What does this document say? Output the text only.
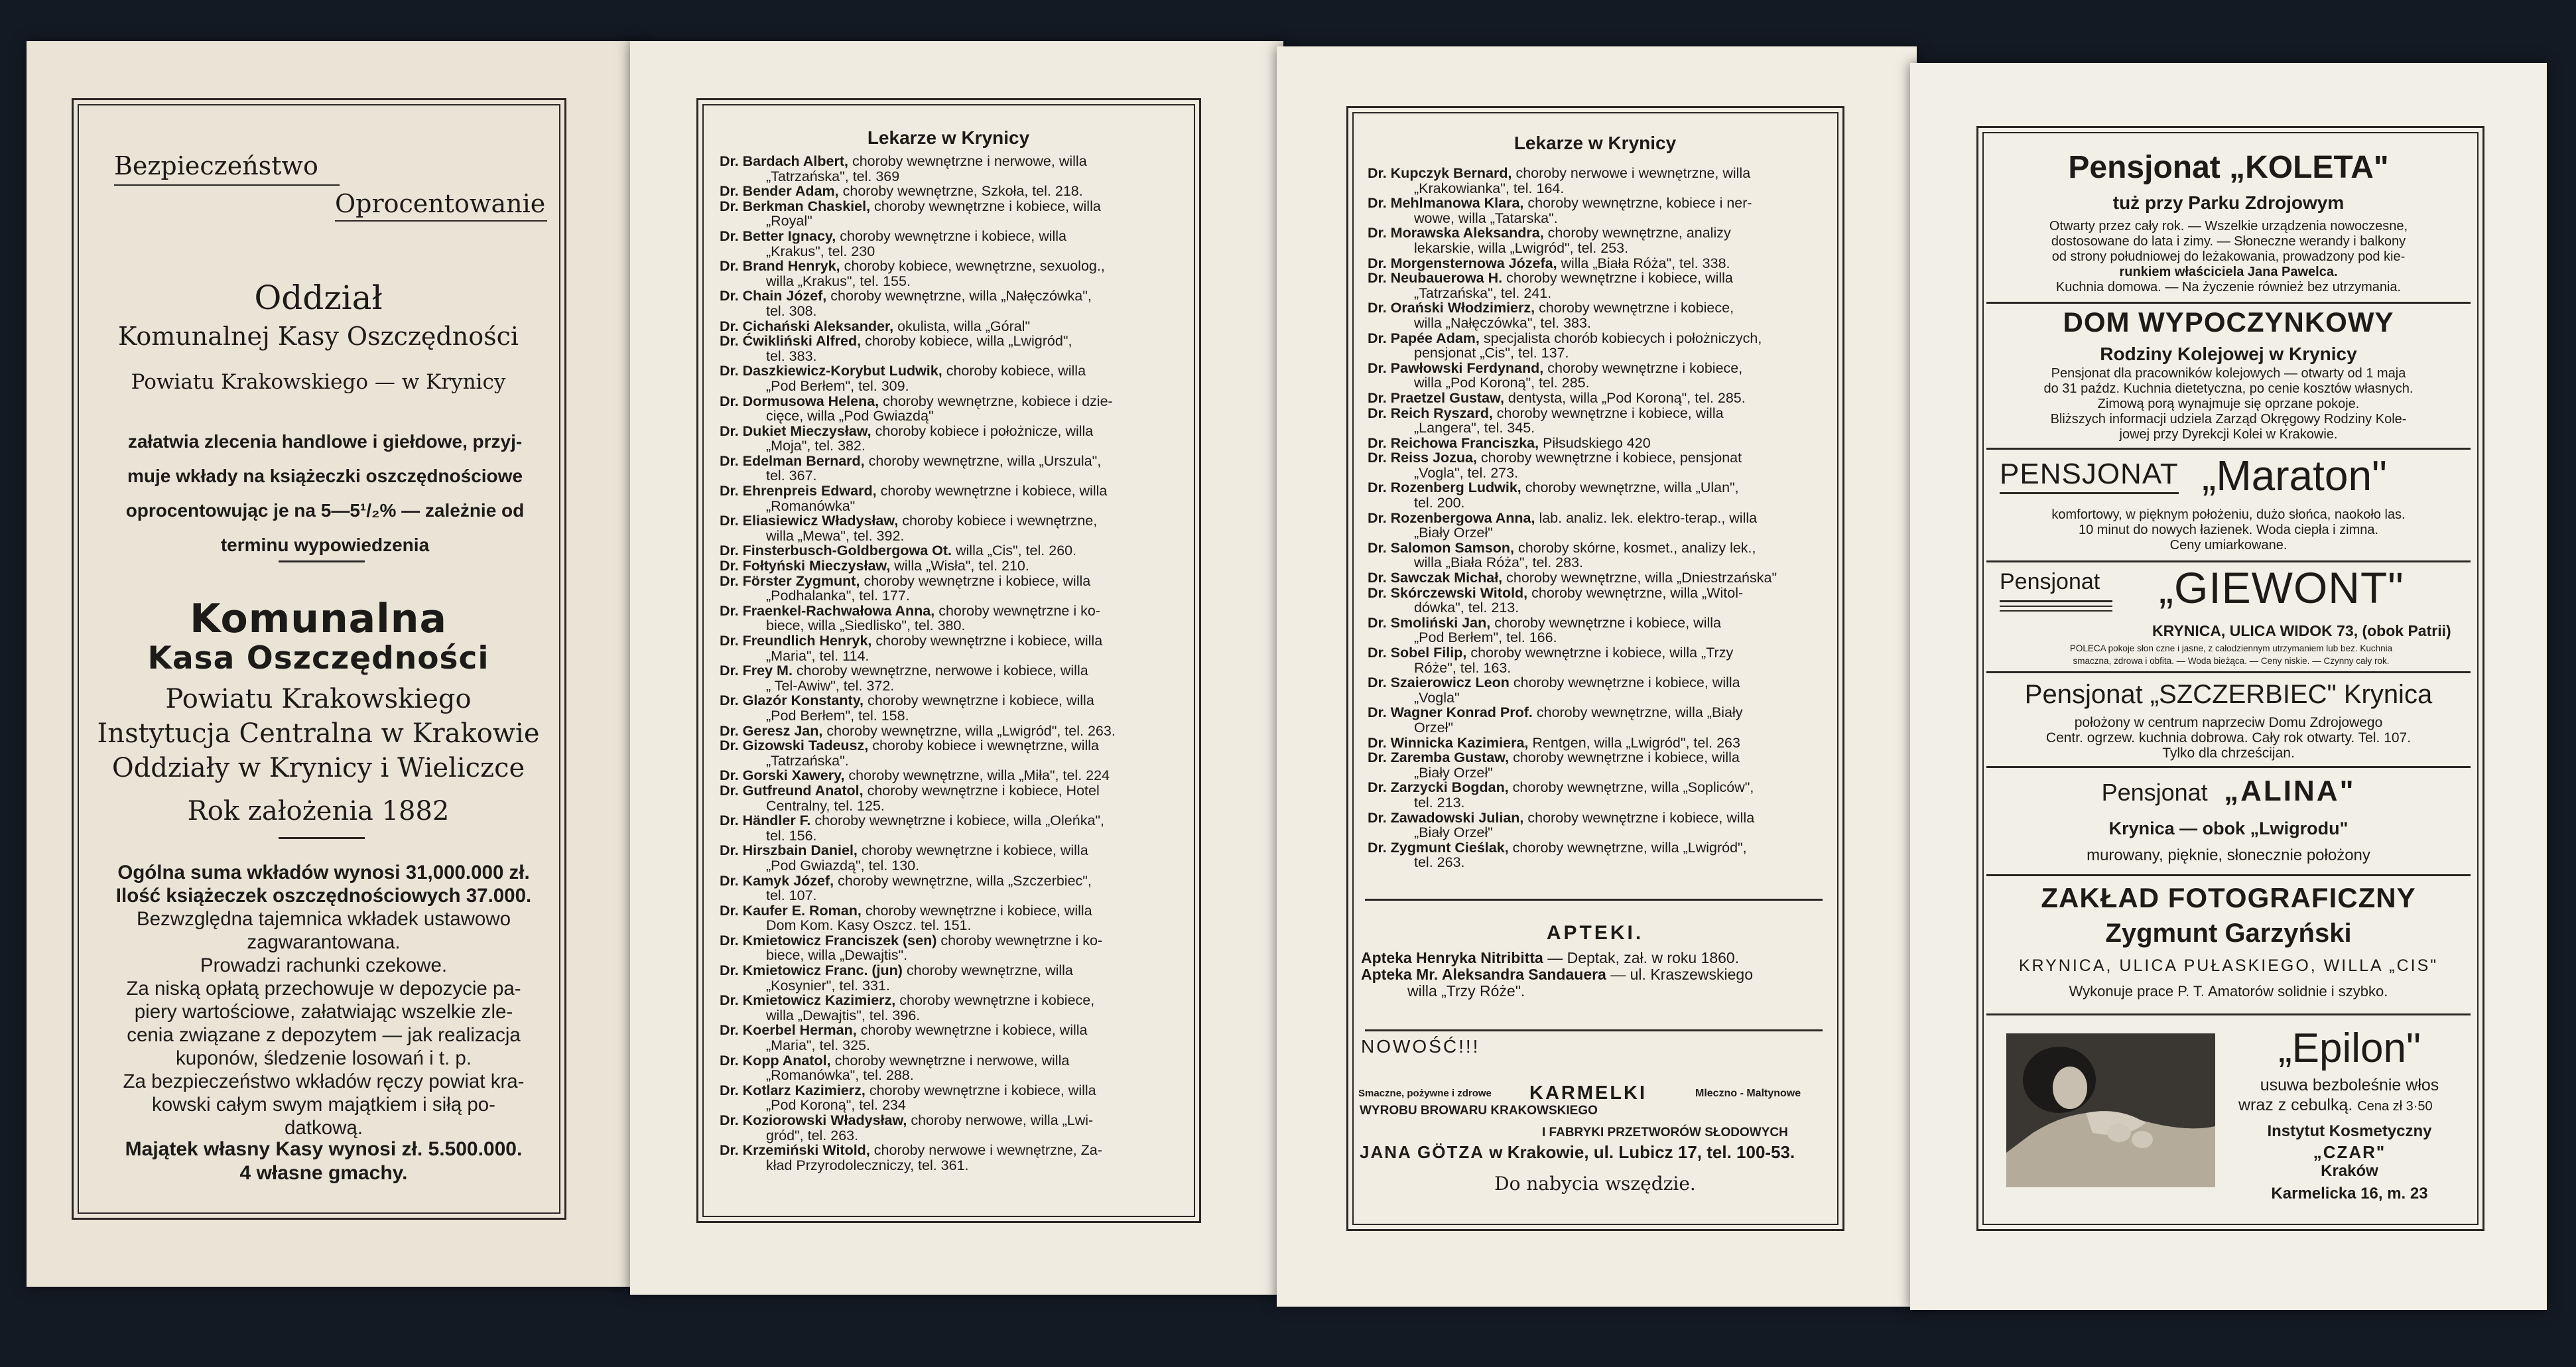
Bezpieczeństwo
Oprocentowanie
Oddział
Komunalnej Kasy Oszczędności
Powiatu Krakowskiego — w Krynicy
załatwia zlecenia handlowe i giełdowe, przyj-
muje wkłady na książeczki oszczędnościowe
oprocentowując je na 5—5¹/₂% — zależnie od
terminu wypowiedzenia
Komunalna
Kasa Oszczędności
Powiatu Krakowskiego
Instytucja Centralna w Krakowie
Oddziały w Krynicy i Wieliczce
Rok założenia 1882
Ogólna suma wkładów wynosi 31,000.000 zł.
Ilość książeczek oszczędnościowych 37.000.
Bezwzględna tajemnica wkładek ustawowo
zagwarantowana.
Prowadzi rachunki czekowe.
Za niską opłatą przechowuje w depozycie pa-
piery wartościowe, załatwiając wszelkie zle-
cenia związane z depozytem — jak realizacja
kuponów, śledzenie losowań i t. p.
Za bezpieczeństwo wkładów ręczy powiat kra-
kowski całym swym majątkiem i siłą po-
datkową.
Majątek własny Kasy wynosi zł. 5.500.000.
4 własne gmachy.
Lekarze w Krynicy
Dr. Bardach Albert, choroby wewnętrzne i nerwowe, willa
„Tatrzańska", tel. 369
Dr. Bender Adam, choroby wewnętrzne, Szkoła, tel. 218.
Dr. Berkman Chaskiel, choroby wewnętrzne i kobiece, willa
„Royal"
Dr. Better Ignacy, choroby wewnętrzne i kobiece, willa
„Krakus", tel. 230
Dr. Brand Henryk, choroby kobiece, wewnętrzne, sexuolog.,
willa „Krakus", tel. 155.
Dr. Chain Józef, choroby wewnętrzne, willa „Nałęczówka",
tel. 308.
Dr. Cichański Aleksander, okulista, willa „Góral"
Dr. Ćwikliński Alfred, choroby kobiece, willa „Lwigród",
tel. 383.
Dr. Daszkiewicz-Korybut Ludwik, choroby kobiece, willa
„Pod Berłem", tel. 309.
Dr. Dormusowa Helena, choroby wewnętrzne, kobiece i dzie-
cięce, willa „Pod Gwiazdą"
Dr. Dukiet Mieczysław, choroby kobiece i położnicze, willa
„Moja", tel. 382.
Dr. Edelman Bernard, choroby wewnętrzne, willa „Urszula",
tel. 367.
Dr. Ehrenpreis Edward, choroby wewnętrzne i kobiece, willa
„Romanówka"
Dr. Eliasiewicz Władysław, choroby kobiece i wewnętrzne,
willa „Mewa", tel. 392.
Dr. Finsterbusch-Goldbergowa Ot. willa „Cis", tel. 260.
Dr. Fołtyński Mieczysław, willa „Wisła", tel. 210.
Dr. Förster Zygmunt, choroby wewnętrzne i kobiece, willa
„Podhalanka", tel. 177.
Dr. Fraenkel-Rachwałowa Anna, choroby wewnętrzne i ko-
biece, willa „Siedlisko", tel. 380.
Dr. Freundlich Henryk, choroby wewnętrzne i kobiece, willa
„Maria", tel. 114.
Dr. Frey M. choroby wewnętrzne, nerwowe i kobiece, willa
„ Tel-Awiw", tel. 372.
Dr. Glazór Konstanty, choroby wewnętrzne i kobiece, willa
„Pod Berłem", tel. 158.
Dr. Geresz Jan, choroby wewnętrzne, willa „Lwigród", tel. 263.
Dr. Gizowski Tadeusz, choroby kobiece i wewnętrzne, willa
„Tatrzańska".
Dr. Gorski Xawery, choroby wewnętrzne, willa „Miła", tel. 224
Dr. Gutfreund Anatol, choroby wewnętrzne i kobiece, Hotel
Centralny, tel. 125.
Dr. Händler F. choroby wewnętrzne i kobiece, willa „Oleńka",
tel. 156.
Dr. Hirszbain Daniel, choroby wewnętrzne i kobiece, willa
„Pod Gwiazdą", tel. 130.
Dr. Kamyk Józef, choroby wewnętrzne, willa „Szczerbiec",
tel. 107.
Dr. Kaufer E. Roman, choroby wewnętrzne i kobiece, willa
Dom Kom. Kasy Oszcz. tel. 151.
Dr. Kmietowicz Franciszek (sen) choroby wewnętrzne i ko-
biece, willa „Dewajtis".
Dr. Kmietowicz Franc. (jun) choroby wewnętrzne, willa
„Kosynier", tel. 331.
Dr. Kmietowicz Kazimierz, choroby wewnętrzne i kobiece,
willa „Dewajtis", tel. 396.
Dr. Koerbel Herman, choroby wewnętrzne i kobiece, willa
„Maria", tel. 325.
Dr. Kopp Anatol, choroby wewnętrzne i nerwowe, willa
„Romanówka", tel. 288.
Dr. Kotlarz Kazimierz, choroby wewnętrzne i kobiece, willa
„Pod Koroną", tel. 234
Dr. Koziorowski Władysław, choroby nerwowe, willa „Lwi-
gród", tel. 263.
Dr. Krzemiński Witold, choroby nerwowe i wewnętrzne, Za-
kład Przyrodoleczniczy, tel. 361.
Lekarze w Krynicy
Dr. Kupczyk Bernard, choroby nerwowe i wewnętrzne, willa
„Krakowianka", tel. 164.
Dr. Mehlmanowa Klara, choroby wewnętrzne, kobiece i ner-
wowe, willa „Tatarska".
Dr. Morawska Aleksandra, choroby wewnętrzne, analizy
lekarskie, willa „Lwigród", tel. 253.
Dr. Morgensternowa Józefa, willa „Biała Róża", tel. 338.
Dr. Neubauerowa H. choroby wewnętrzne i kobiece, willa
„Tatrzańska", tel. 241.
Dr. Orański Włodzimierz, choroby wewnętrzne i kobiece,
willa „Nałęczówka", tel. 383.
Dr. Papée Adam, specjalista chorób kobiecych i położniczych,
pensjonat „Cis", tel. 137.
Dr. Pawłowski Ferdynand, choroby wewnętrzne i kobiece,
willa „Pod Koroną", tel. 285.
Dr. Praetzel Gustaw, dentysta, willa „Pod Koroną", tel. 285.
Dr. Reich Ryszard, choroby wewnętrzne i kobiece, willa
„Langera", tel. 345.
Dr. Reichowa Franciszka, Piłsudskiego 420
Dr. Reiss Jozua, choroby wewnętrzne i kobiece, pensjonat
„Vogla", tel. 273.
Dr. Rozenberg Ludwik, choroby wewnętrzne, willa „Ulan",
tel. 200.
Dr. Rozenbergowa Anna, lab. analiz. lek. elektro-terap., willa
„Biały Orzeł"
Dr. Salomon Samson, choroby skórne, kosmet., analizy lek.,
willa „Biała Róża", tel. 283.
Dr. Sawczak Michał, choroby wewnętrzne, willa „Dniestrzańska"
Dr. Skórczewski Witold, choroby wewnętrzne, willa „Witol-
dówka", tel. 213.
Dr. Smoliński Jan, choroby wewnętrzne i kobiece, willa
„Pod Berłem", tel. 166.
Dr. Sobel Filip, choroby wewnętrzne i kobiece, willa „Trzy
Róże", tel. 163.
Dr. Szaierowicz Leon choroby wewnętrzne i kobiece, willa
„Vogla"
Dr. Wagner Konrad Prof. choroby wewnętrzne, willa „Biały
Orzeł"
Dr. Winnicka Kazimiera, Rentgen, willa „Lwigród", tel. 263
Dr. Zaremba Gustaw, choroby wewnętrzne i kobiece, willa
„Biały Orzeł"
Dr. Zarzycki Bogdan, choroby wewnętrzne, willa „Sopliców",
tel. 213.
Dr. Zawadowski Julian, choroby wewnętrzne i kobiece, willa
„Biały Orzeł"
Dr. Zygmunt Cieślak, choroby wewnętrzne, willa „Lwigród",
tel. 263.
APTEKI.
Apteka Henryka Nitribitta — Deptak, zał. w roku 1860.
Apteka Mr. Aleksandra Sandauera — ul. Kraszewskiego
willa „Trzy Róże".
NOWOŚĆ!!!
Smaczne, pożywne i zdrowe KARMELKI	Mleczno - Maltynowe
WYROBU BROWARU KRAKOWSKIEGO
I FABRYKI PRZETWORÓW SŁODOWYCH
JANA GÖTZA w Krakowie, ul. Lubicz 17, tel. 100-53.
Do nabycia wszędzie.
Pensjonat „KOLETA"
tuż przy Parku Zdrojowym
Otwarty przez cały rok. — Wszelkie urządzenia nowoczesne,
dostosowane do lata i zimy. — Słoneczne werandy i balkony
od strony południowej do leżakowania, prowadzony pod kie-
runkiem właściciela Jana Pawelca.
Kuchnia domowa. — Na życzenie również bez utrzymania.
DOM WYPOCZYNKOWY
Rodziny Kolejowej w Krynicy
Pensjonat dla pracowników kolejowych — otwarty od 1 maja
do 31 paźdz. Kuchnia dietetyczna, po cenie kosztów własnych.
Zimową porą wynajmuje się oprzane pokoje.
Bliższych informacji udziela Zarząd Okręgowy Rodziny Kole-
jowej przy Dyrekcji Kolei w Krakowie.
PENSJONAT „Maraton"
komfortowy, w pięknym położeniu, dużo słońca, naokoło las.
10 minut do nowych łazienek. Woda ciepła i zimna.
Ceny umiarkowane.
Pensjonat „GIEWONT"
KRYNICA, ULICA WIDOK 73, (obok Patrii)
POLECA pokoje słon czne i jasne, z całodziennym utrzymaniem lub bez. Kuchnia
smaczna, zdrowa i obfita. — Woda bieżąca. — Ceny niskie. — Czynny cały rok.
Pensjonat „SZCZERBIEC" Krynica
położony w centrum naprzeciw Domu Zdrojowego
Centr. ogrzew. kuchnia dobrowa. Cały rok otwarty. Tel. 107.
Tylko dla chrześcijan.
Pensjonat „ALINA"
Krynica — obok „Lwigrodu"
murowany, pięknie, słonecznie położony
ZAKŁAD FOTOGRAFICZNY
Zygmunt Garzyński
KRYNICA, ULICA PUŁASKIEGO, WILLA „CIS"
Wykonuje prace P. T. Amatorów solidnie i szybko.
„Epilon"
usuwa bezboleśnie włos
wraz z cebulką. Cena zł 3·50
Instytut Kosmetyczny
„CZAR"
Kraków
Karmelicka 16, m. 23
